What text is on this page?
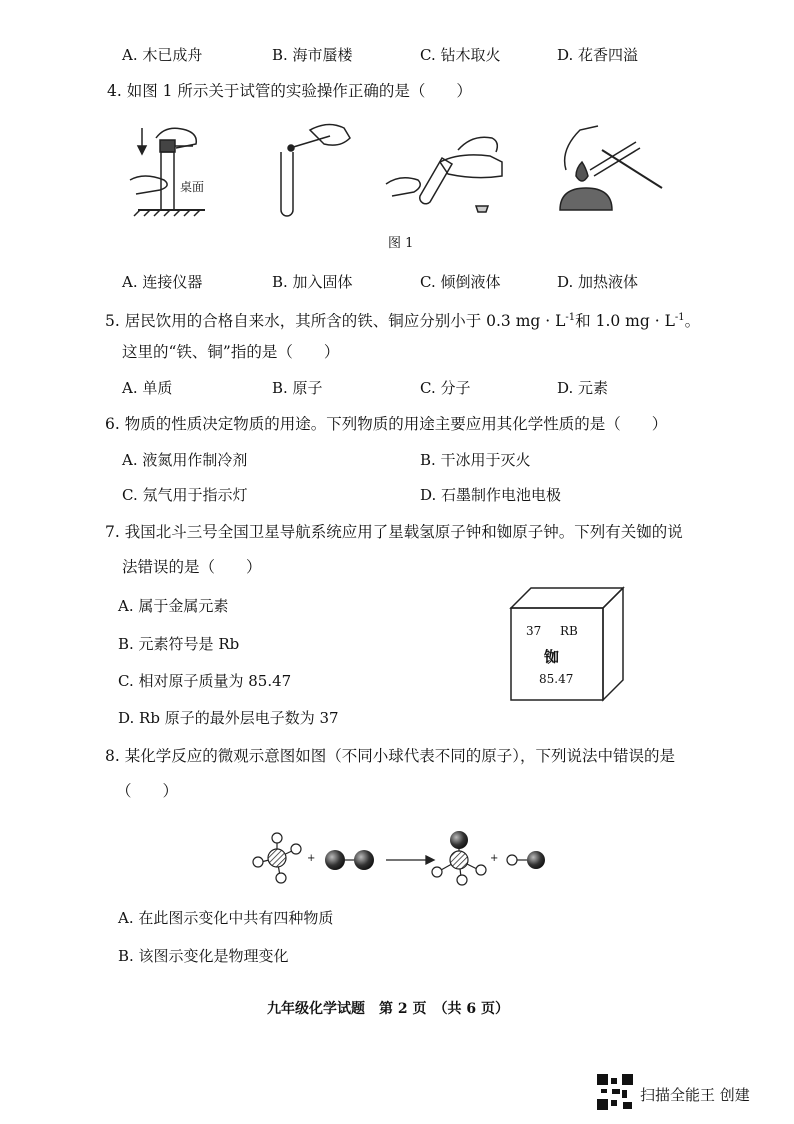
A. 木已成舟	B. 海市蜃楼	C. 钻木取火	D. 花香四溢
4. 如图 1 所示关于试管的实验操作正确的是（　　）
桌面
图 1
A. 连接仪器	B. 加入固体	C. 倾倒液体	D. 加热液体
5. 居民饮用的合格自来水，其所含的铁、铜应分别小于 0.3 mg · $L^{-1}$和 1.0 mg · $L^{-1}$。
这里的“铁、铜”指的是（　　）
A. 单质	B. 原子	C. 分子	D. 元素
6. 物质的性质决定物质的用途。下列物质的用途主要应用其化学性质的是（　　）
A. 液氮用作制冷剂	B. 干冰用于灭火
C. 氖气用于指示灯	D. 石墨制作电池电极
7. 我国北斗三号全国卫星导航系统应用了星载氢原子钟和铷原子钟。下列有关铷的说
法错误的是（　　）
A. 属于金属元素
B. 元素符号是 Rb
C. 相对原子质量为 85.47
D. Rb 原子的最外层电子数为 37
37 RB
铷
85.47
8. 某化学反应的微观示意图如图（不同小球代表不同的原子），下列说法中错误的是
（　　）
+	+
A. 在此图示变化中共有四种物质
B. 该图示变化是物理变化
九年级化学试题　第 2 页　（共 6 页）
扫描全能王 创建
